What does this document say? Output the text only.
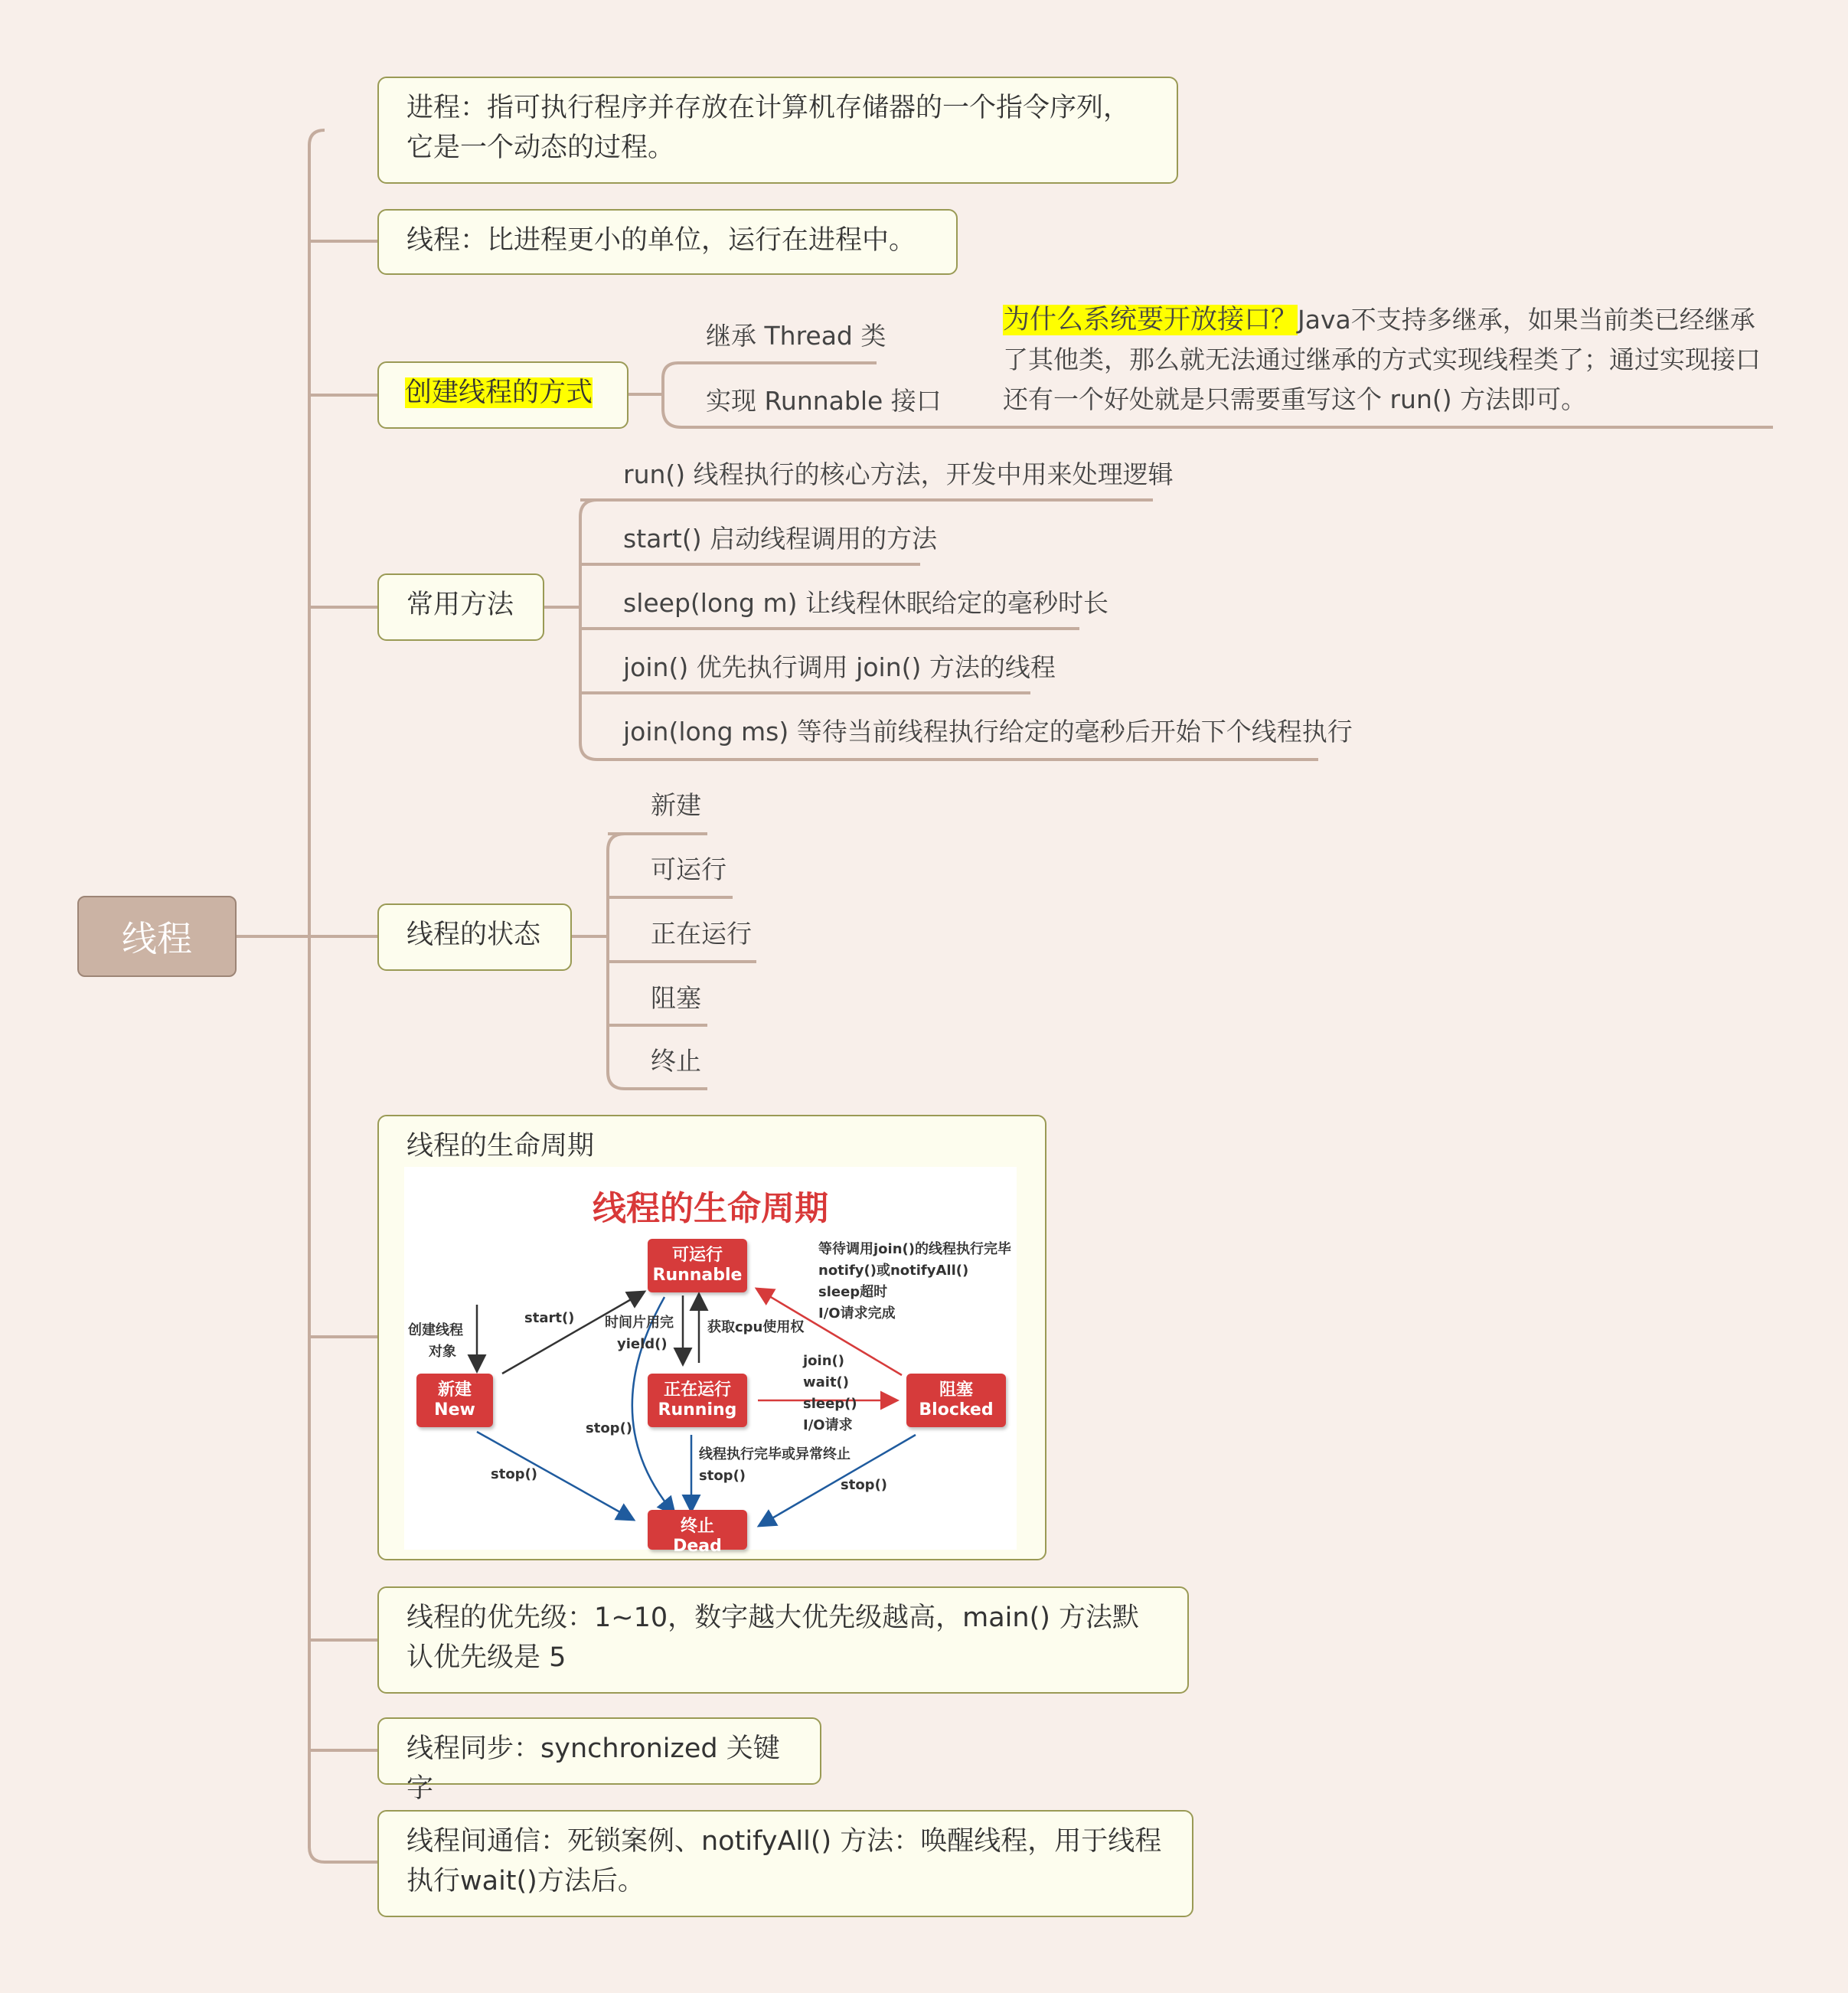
线程
进程：指可执行程序并存放在计算机存储器的一个指令序列，它是一个动态的过程。
线程：比进程更小的单位，运行在进程中。
创建线程的方式
继承 Thread 类
实现 Runnable 接口
为什么系统要开放接口？Java不支持多继承，如果当前类已经继承了其他类，那么就无法通过继承的方式实现线程类了；通过实现接口还有一个好处就是只需要重写这个 run() 方法即可。
常用方法
run() 线程执行的核心方法，开发中用来处理逻辑
start() 启动线程调用的方法
sleep(long m) 让线程休眠给定的毫秒时长
join() 优先执行调用 join() 方法的线程
join(long ms) 等待当前线程执行给定的毫秒后开始下个线程执行
线程的状态
新建
可运行
正在运行
阻塞
终止
线程的生命周期
线程的生命周期
可运行
Runnable
新建
New
正在运行
Running
阻塞
Blocked
终止
Dead
创建线程
对象
start() 时间片用完
yield()
获取cpu使用权
等待调用join()的线程执行完毕
notify()或notifyAll()
sleep超时
I/O请求完成
join()
wait()
sleep()
I/O请求
stop()
stop()
线程执行完毕或异常终止
stop()
stop()
线程的优先级：1~10，数字越大优先级越高，main() 方法默认优先级是 5
线程同步：synchronized 关键字
线程间通信：死锁案例、notifyAll() 方法：唤醒线程，用于线程执行wait()方法后。
